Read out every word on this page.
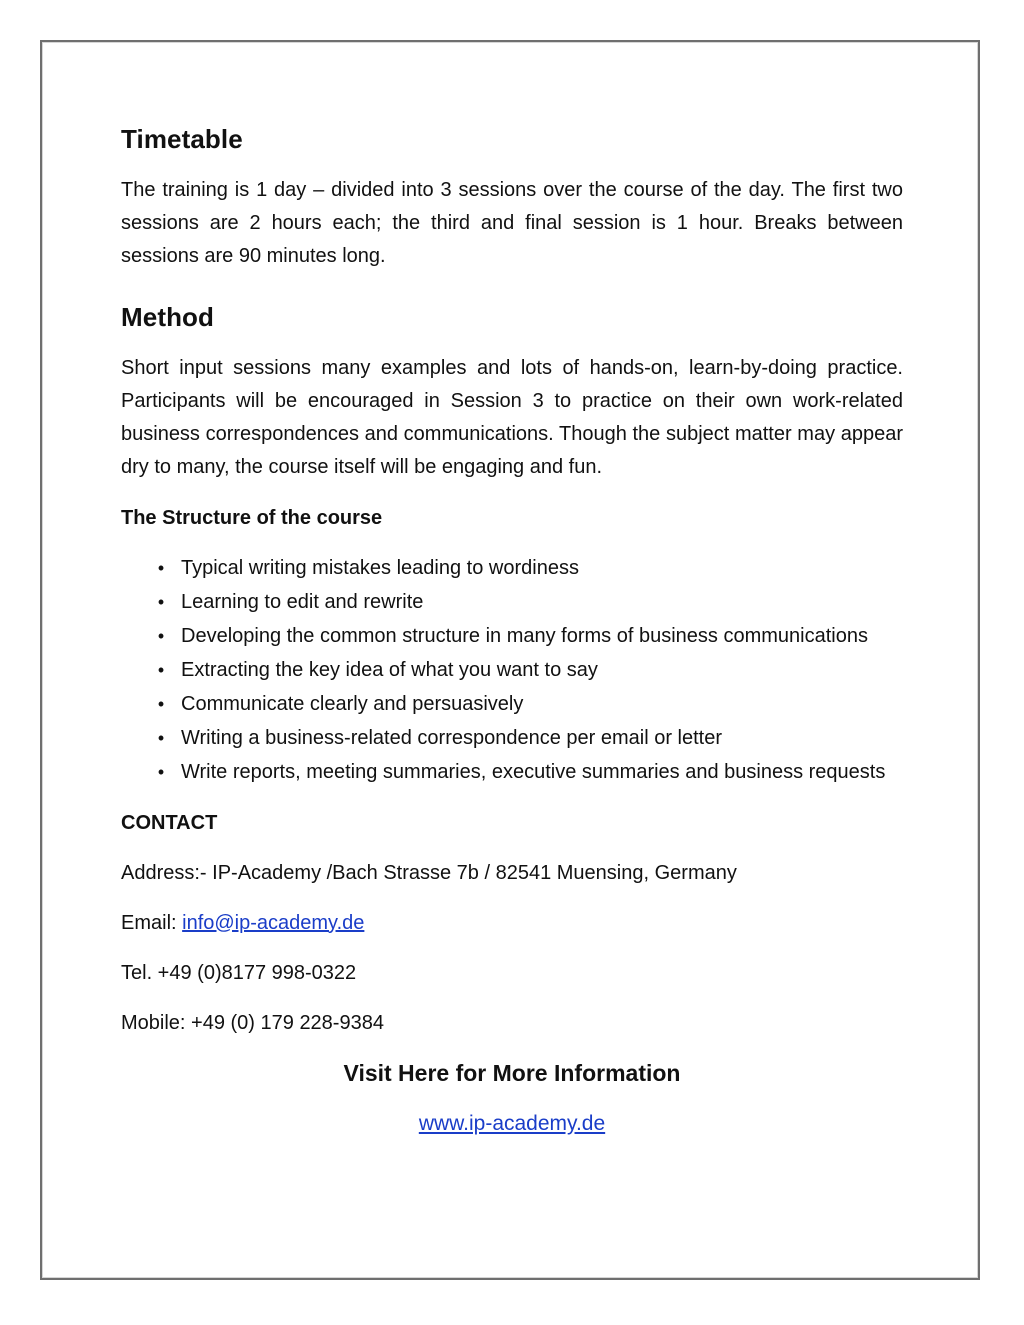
Timetable

The training is 1 day – divided into 3 sessions over the course of the day. The first two sessions are 2 hours each; the third and final session is 1 hour. Breaks between sessions are 90 minutes long.

Method

Short input sessions many examples and lots of hands-on, learn-by-doing practice. Participants will be encouraged in Session 3 to practice on their own work-related business correspondences and communications. Though the subject matter may appear dry to many, the course itself will be engaging and fun.

The Structure of the course

• Typical writing mistakes leading to wordiness
• Learning to edit and rewrite
• Developing the common structure in many forms of business communications
• Extracting the key idea of what you want to say
• Communicate clearly and persuasively
• Writing a business-related correspondence per email or letter
• Write reports, meeting summaries, executive summaries and business requests

CONTACT

Address:- IP-Academy /Bach Strasse 7b / 82541 Muensing, Germany

Email: info@ip-academy.de

Tel. +49 (0)8177 998-0322

Mobile: +49 (0) 179 228-9384

Visit Here for More Information

www.ip-academy.de
